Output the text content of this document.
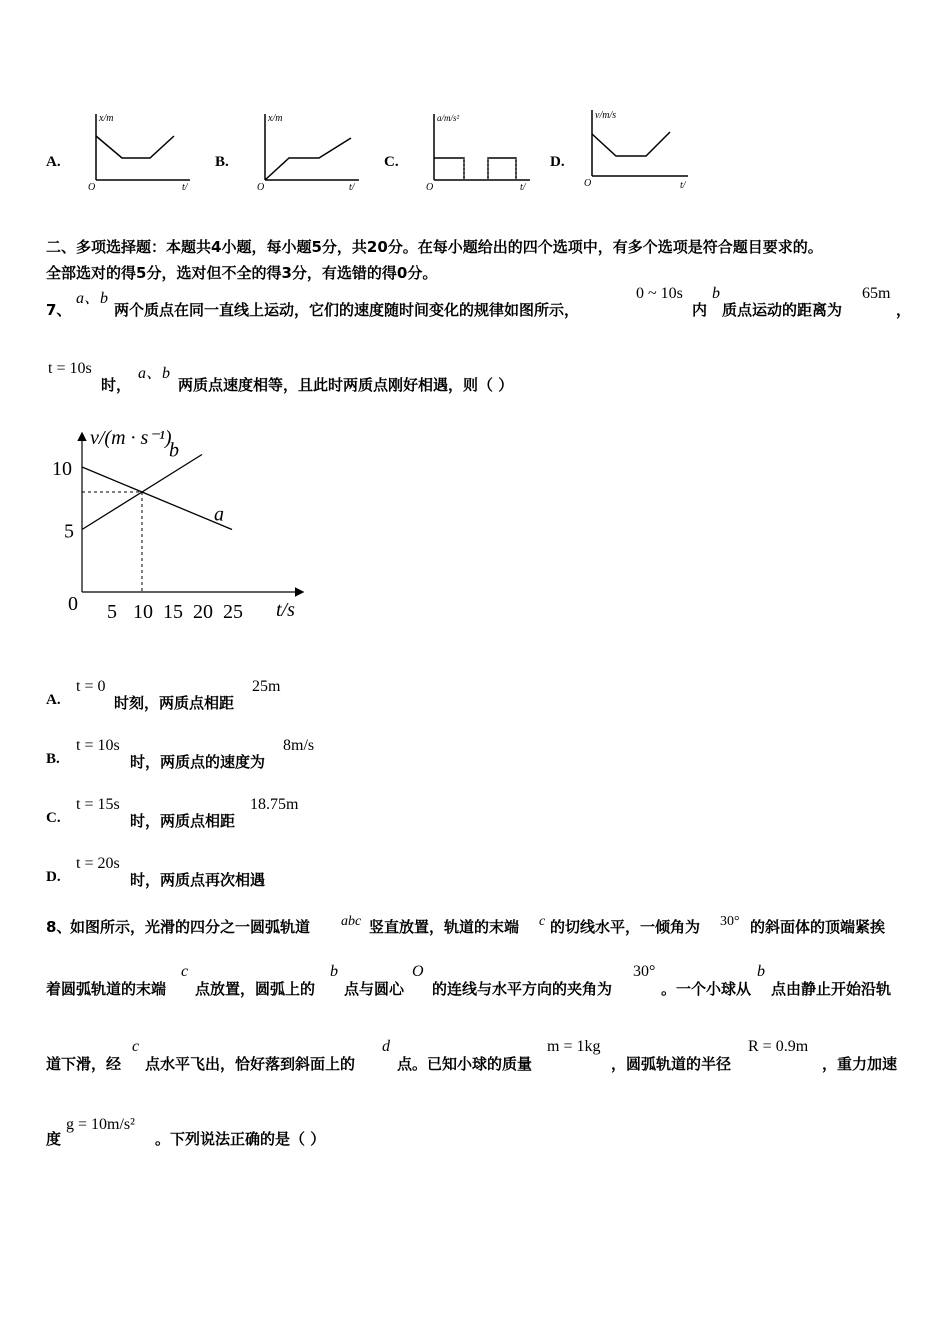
A.
x/m
O	t/
B.
x/m
O	t/
C.
a/m/s²
O	t/
D.
v/m/s
O	t/
二、多项选择题：本题共4小题，每小题5分，共20分。在每小题给出的四个选项中，有多个选项是符合题目要求的。
全部选对的得5分，选对但不全的得3分，有选错的得0分。
7、
a、b
两个质点在同一直线上运动，它们的速度随时间变化的规律如图所示，
0 ~ 10s
内
b
质点运动的距离为
65m
，
t = 10s
时，
a、b
两质点速度相等，且此时两质点刚好相遇，则（ ）
a
b
5 10 15 20 25
5
10
v/(m · s⁻¹)
t/s
0
A.
t = 0
时刻，两质点相距
25m
B.
t = 10s
时，两质点的速度为
8m/s
C.
t = 15s
时，两质点相距
18.75m
D.
t = 20s
时，两质点再次相遇
8、
如图所示，光滑的四分之一圆弧轨道 abc 竖直放置，轨道的末端 c 的切线水平，一倾角为 30° 的斜面体的顶端紧挨
着圆弧轨道的末端
c
点放置，圆弧上的
b
点与圆心
O
的连线与水平方向的夹角为
30°
。一个小球从
b
点由静止开始沿轨
道下滑，经
c
点水平飞出，恰好落到斜面上的
d
点。已知小球的质量
m = 1kg
，圆弧轨道的半径
R = 0.9m
，重力加速
度
g = 10m/s²
。下列说法正确的是（ ）
